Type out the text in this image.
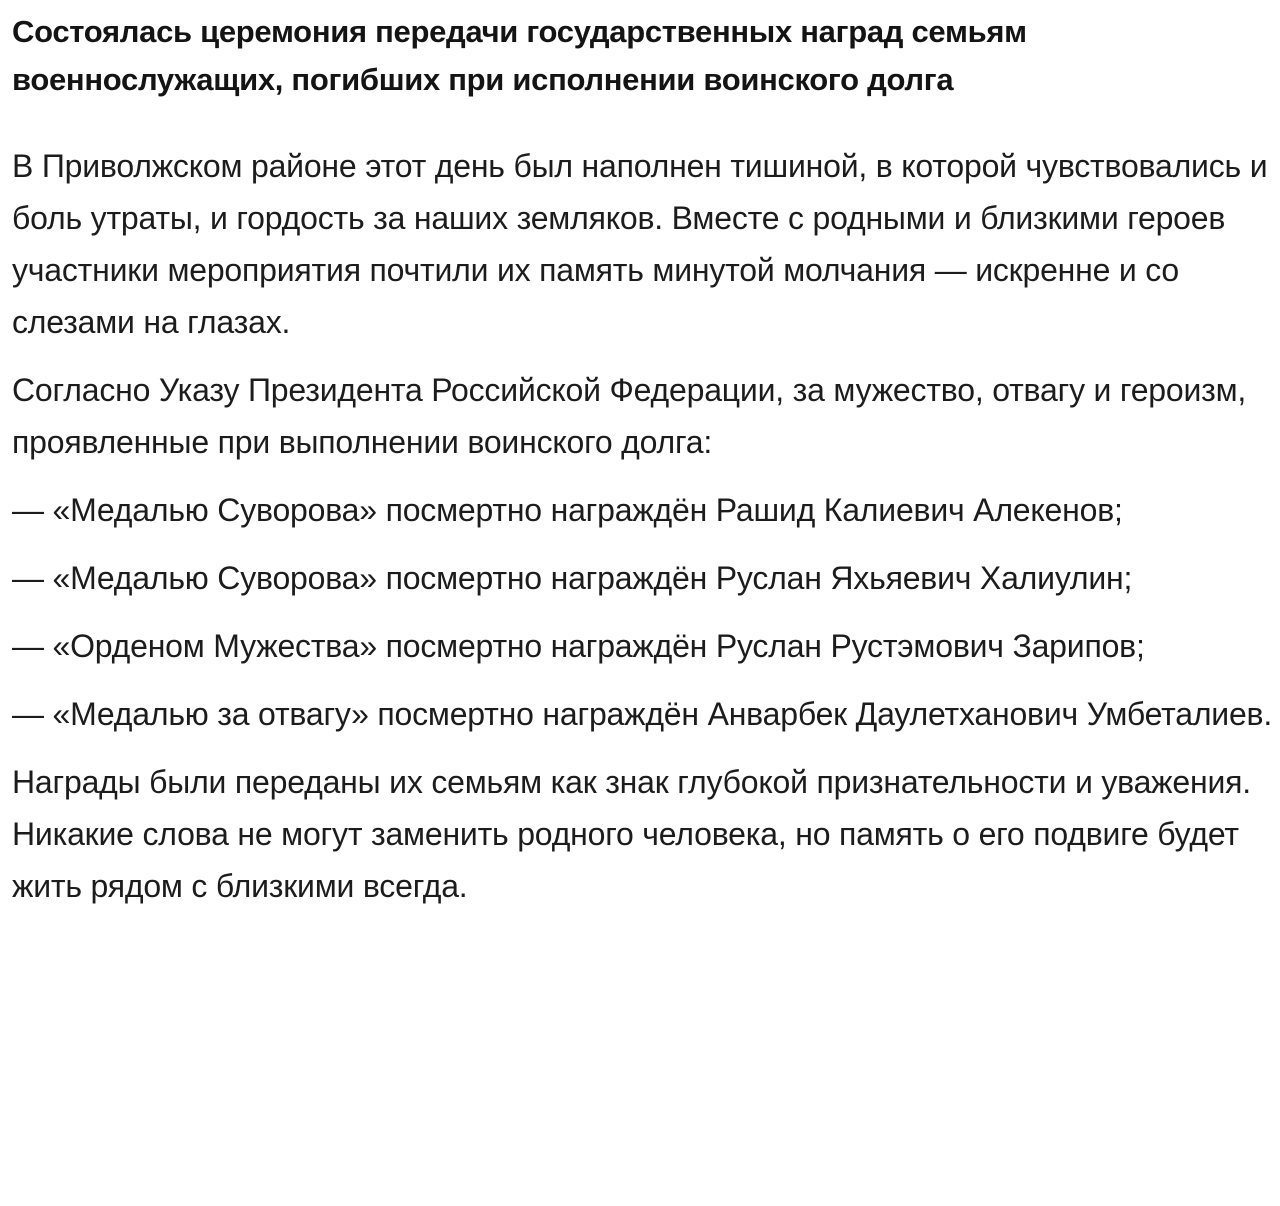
Состоялась церемония передачи государственных наград семьям военнослужащих, погибших при исполнении воинского долга

В Приволжском районе этот день был наполнен тишиной, в которой чувствовались и боль утраты, и гордость за наших земляков. Вместе с родными и близкими героев участники мероприятия почтили их память минутой молчания — искренне и со слезами на глазах.

Согласно Указу Президента Российской Федерации, за мужество, отвагу и героизм, проявленные при выполнении воинского долга:

— «Медалью Суворова» посмертно награждён Рашид Калиевич Алекенов;

— «Медалью Суворова» посмертно награждён Руслан Яхьяевич Халиулин;

— «Орденом Мужества» посмертно награждён Руслан Рустэмович Зарипов;

— «Медалью за отвагу» посмертно награждён Анварбек Даулетханович Умбеталиев.

Награды были переданы их семьям как знак глубокой признательности и уважения. Никакие слова не могут заменить родного человека, но память о его подвиге будет жить рядом с близкими всегда.
